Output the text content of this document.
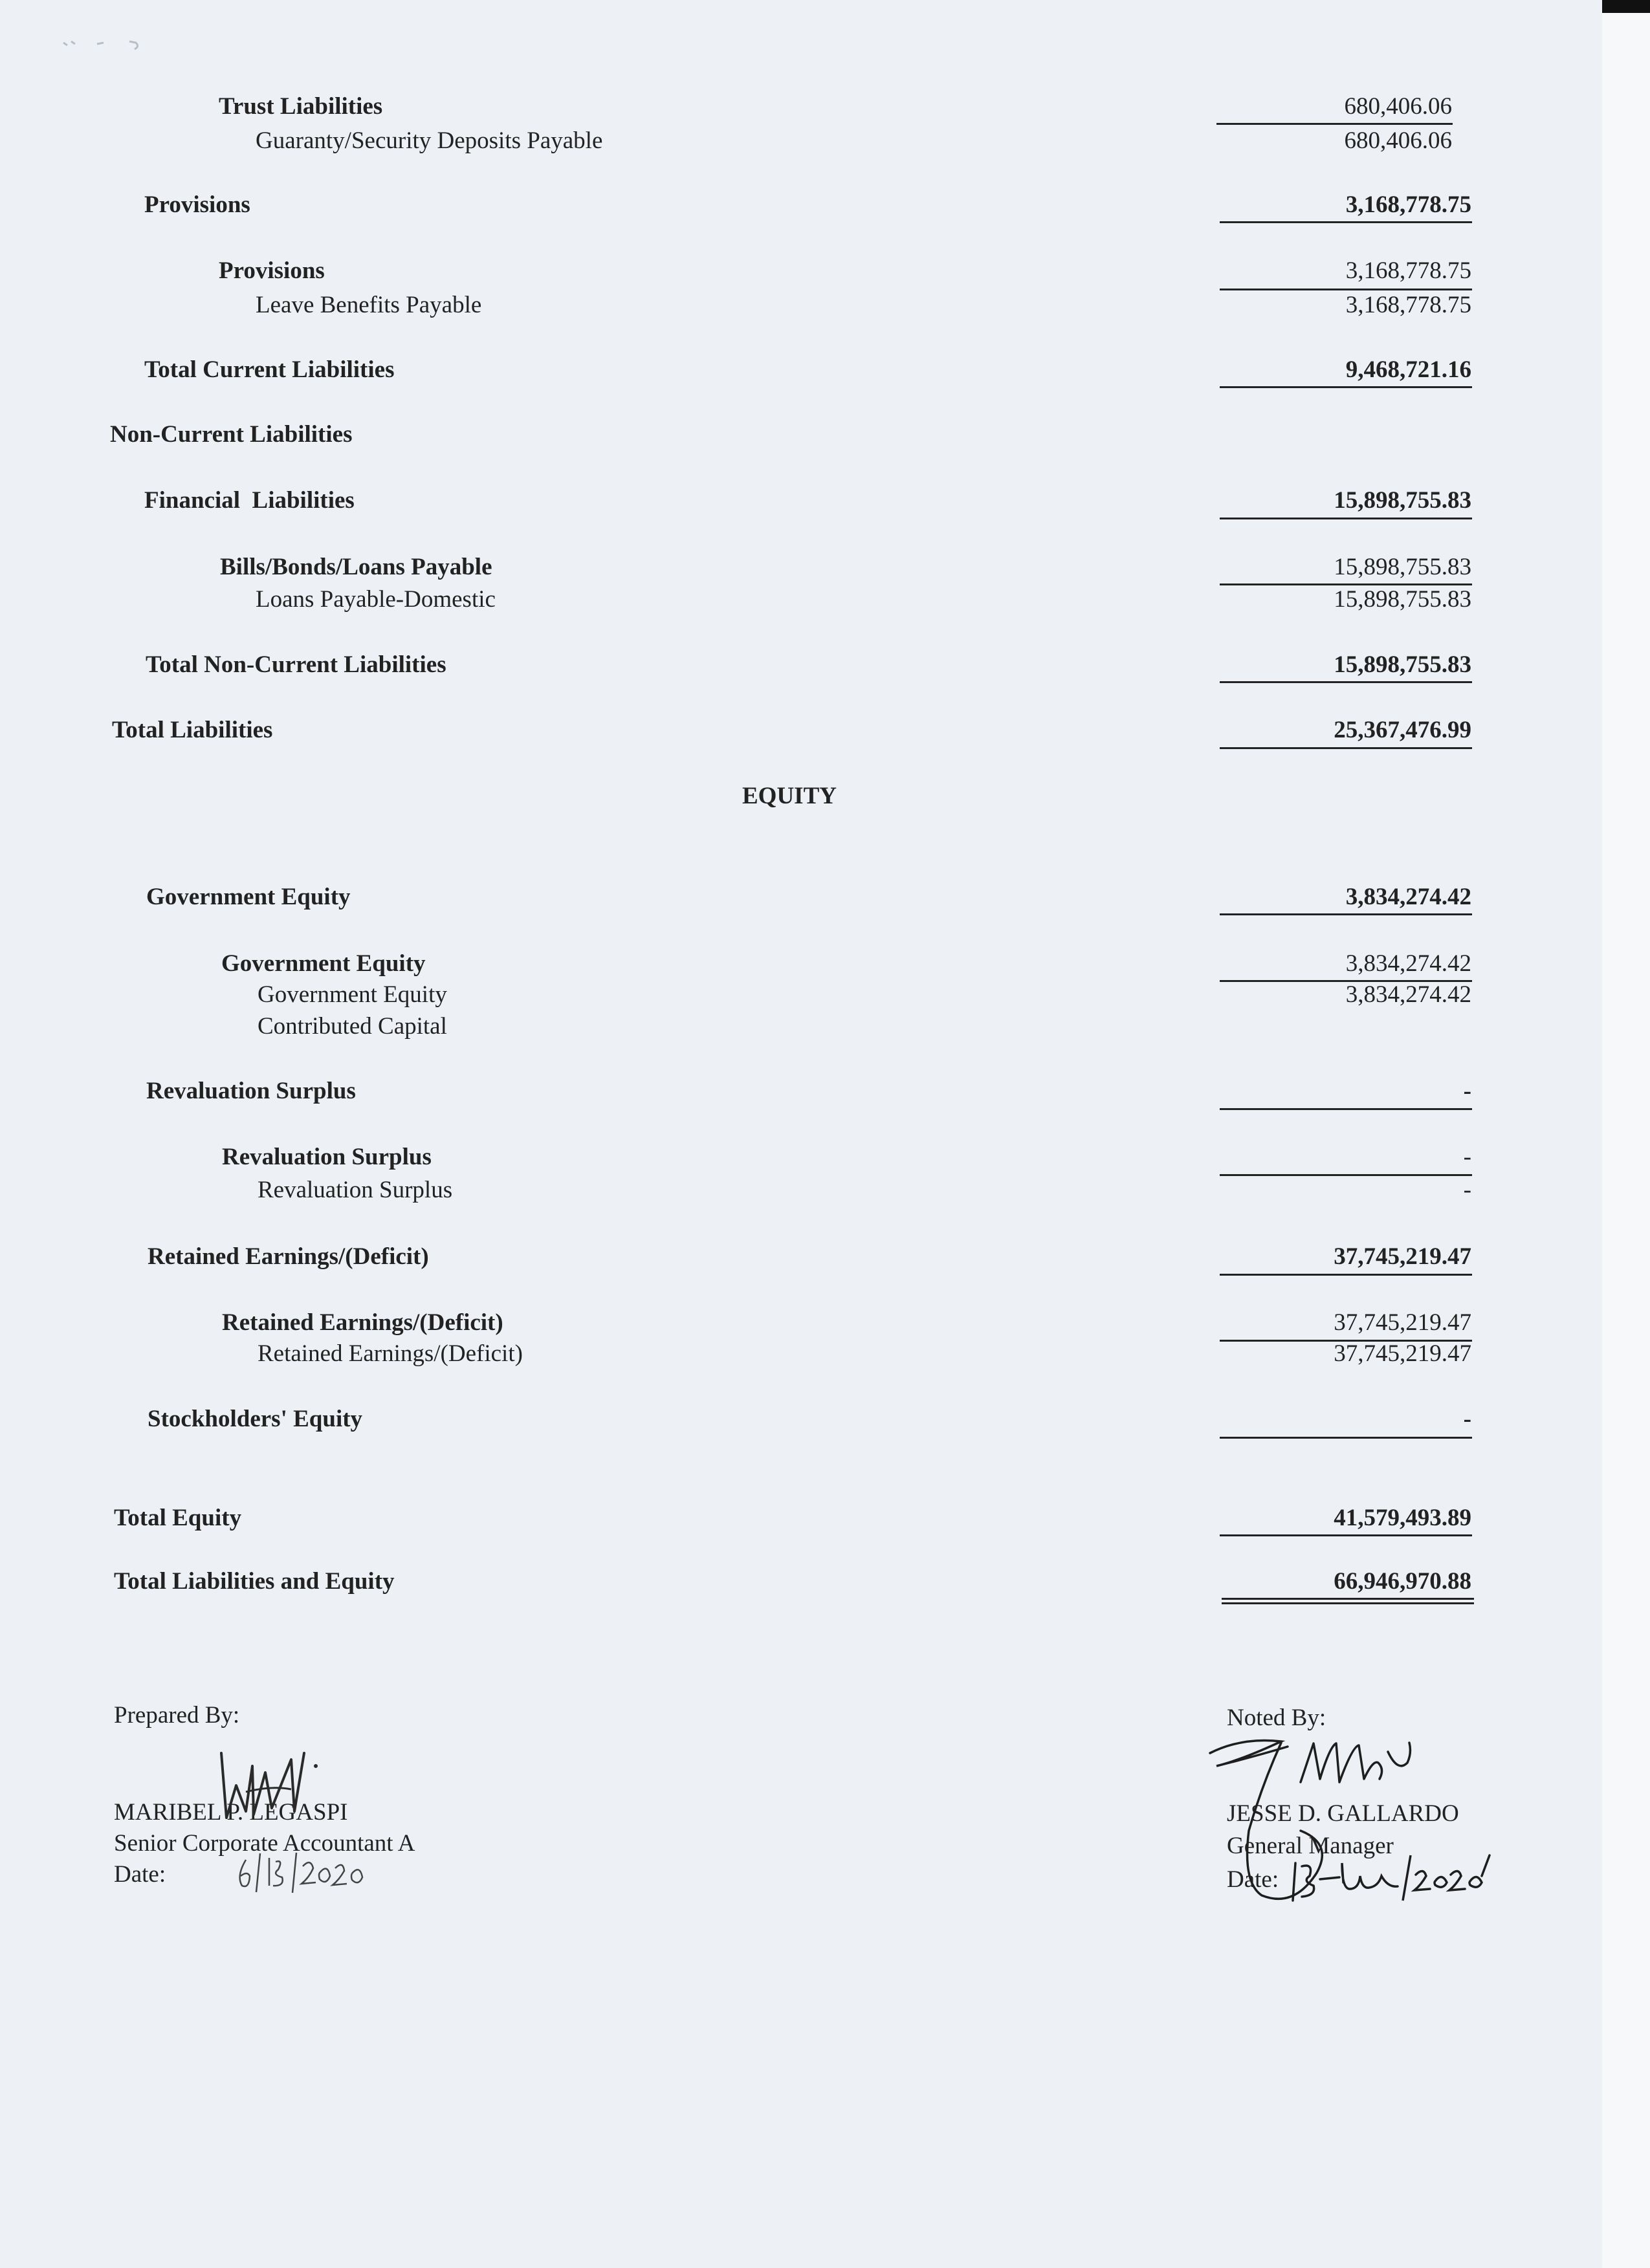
Trust Liabilities	680,406.06
Guaranty/Security Deposits Payable	680,406.06
Provisions	3,168,778.75
Provisions	3,168,778.75
Leave Benefits Payable	3,168,778.75
Total Current Liabilities	9,468,721.16
Non-Current Liabilities
Financial  Liabilities	15,898,755.83
Bills/Bonds/Loans Payable	15,898,755.83
Loans Payable-Domestic	15,898,755.83
Total Non-Current Liabilities	15,898,755.83
Total Liabilities	25,367,476.99
EQUITY
Government Equity	3,834,274.42
Government Equity	3,834,274.42
Government Equity	3,834,274.42
Contributed Capital
Revaluation Surplus	-
Revaluation Surplus	-
Revaluation Surplus	-
Retained Earnings/(Deficit)	37,745,219.47
Retained Earnings/(Deficit)	37,745,219.47
Retained Earnings/(Deficit)	37,745,219.47
Stockholders' Equity	-
Total Equity	41,579,493.89
Total Liabilities and Equity	66,946,970.88
Prepared By:
MARIBEL P. LEGASPI
Senior Corporate Accountant A
Date:
Noted By:
JESSE D. GALLARDO
General Manager
Date:
